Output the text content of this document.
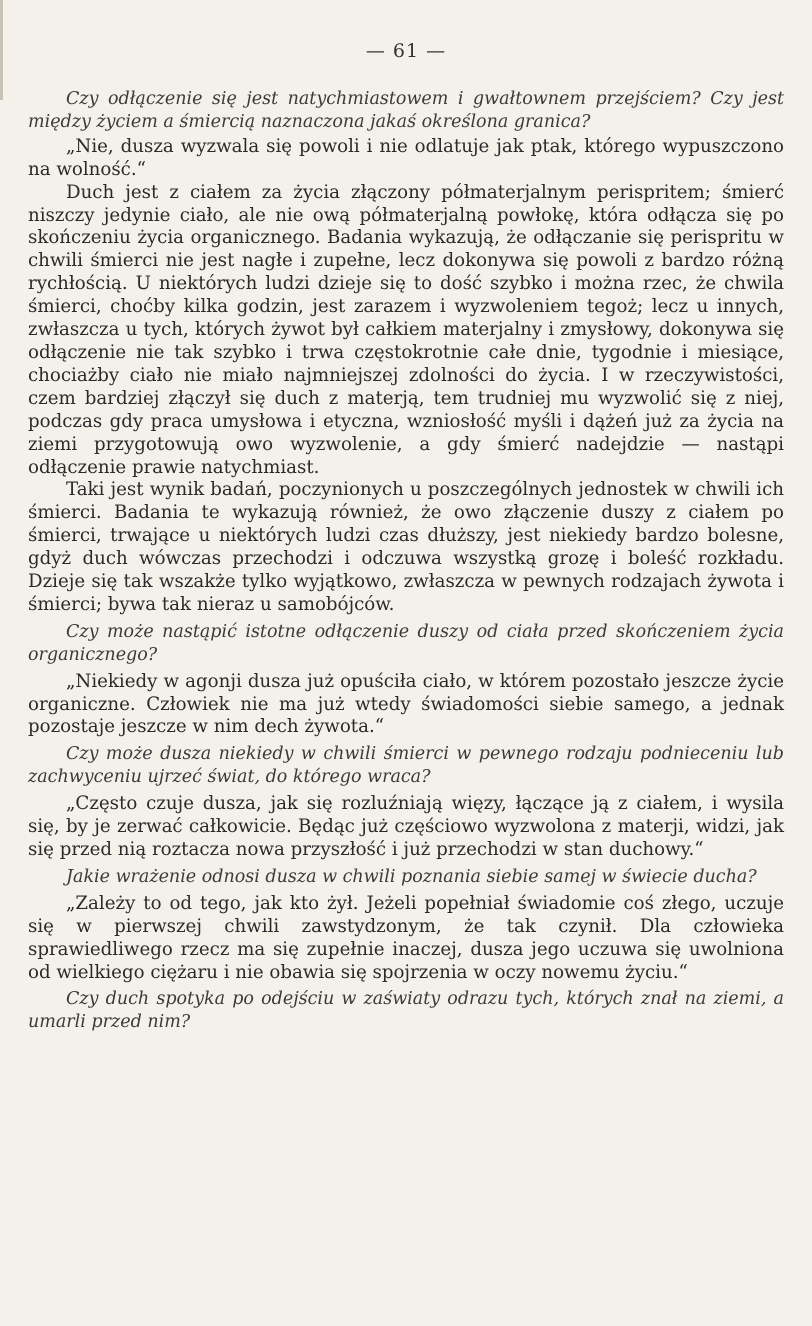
— 61 —

Czy odłączenie się jest natychmiastowem i gwałtownem przejściem? Czy jest między życiem a śmiercią naznaczona jakaś określona granica?

„Nie, dusza wyzwala się powoli i nie odlatuje jak ptak, którego wypuszczono na wolność.“

Duch jest z ciałem za życia złączony półmaterjalnym perispritem; śmierć niszczy jedynie ciało, ale nie ową półmaterjalną powłokę, która odłącza się po skończeniu życia organicznego. Badania wykazują, że odłączanie się perispritu w chwili śmierci nie jest nagłe i zupełne, lecz dokonywa się powoli z bardzo różną rychłością. U niektórych ludzi dzieje się to dość szybko i można rzec, że chwila śmierci, choćby kilka godzin, jest zarazem i wyzwoleniem tegoż; lecz u innych, zwłaszcza u tych, których żywot był całkiem materjalny i zmysłowy, dokonywa się odłączenie nie tak szybko i trwa częstokrotnie całe dnie, tygodnie i miesiące, chociażby ciało nie miało najmniejszej zdolności do życia. I w rzeczywistości, czem bardziej złączył się duch z materją, tem trudniej mu wyzwolić się z niej, podczas gdy praca umysłowa i etyczna, wzniosłość myśli i dążeń już za życia na ziemi przygotowują owo wyzwolenie, a gdy śmierć nadejdzie — nastąpi odłączenie prawie natychmiast.

Taki jest wynik badań, poczynionych u poszczególnych jednostek w chwili ich śmierci. Badania te wykazują również, że owo złączenie duszy z ciałem po śmierci, trwające u niektórych ludzi czas dłuższy, jest niekiedy bardzo bolesne, gdyż duch wówczas przechodzi i odczuwa wszystką grozę i boleść rozkładu. Dzieje się tak wszakże tylko wyjątkowo, zwłaszcza w pewnych rodzajach żywota i śmierci; bywa tak nieraz u samobójców.

Czy może nastąpić istotne odłączenie duszy od ciała przed skończeniem życia organicznego?

„Niekiedy w agonji dusza już opuściła ciało, w którem pozostało jeszcze życie organiczne. Człowiek nie ma już wtedy świadomości siebie samego, a jednak pozostaje jeszcze w nim dech żywota.“

Czy może dusza niekiedy w chwili śmierci w pewnego rodzaju podnieceniu lub zachwyceniu ujrzeć świat, do którego wraca?

„Często czuje dusza, jak się rozluźniają więzy, łączące ją z ciałem, i wysila się, by je zerwać całkowicie. Będąc już częściowo wyzwolona z materji, widzi, jak się przed nią roztacza nowa przyszłość i już przechodzi w stan duchowy.“

Jakie wrażenie odnosi dusza w chwili poznania siebie samej w świecie ducha?

„Zależy to od tego, jak kto żył. Jeżeli popełniał świadomie coś złego, uczuje się w pierwszej chwili zawstydzonym, że tak czynił. Dla człowieka sprawiedliwego rzecz ma się zupełnie inaczej, dusza jego uczuwa się uwolniona od wielkiego ciężaru i nie obawia się spojrzenia w oczy nowemu życiu.“

Czy duch spotyka po odejściu w zaświaty odrazu tych, których znał na ziemi, a umarli przed nim?
